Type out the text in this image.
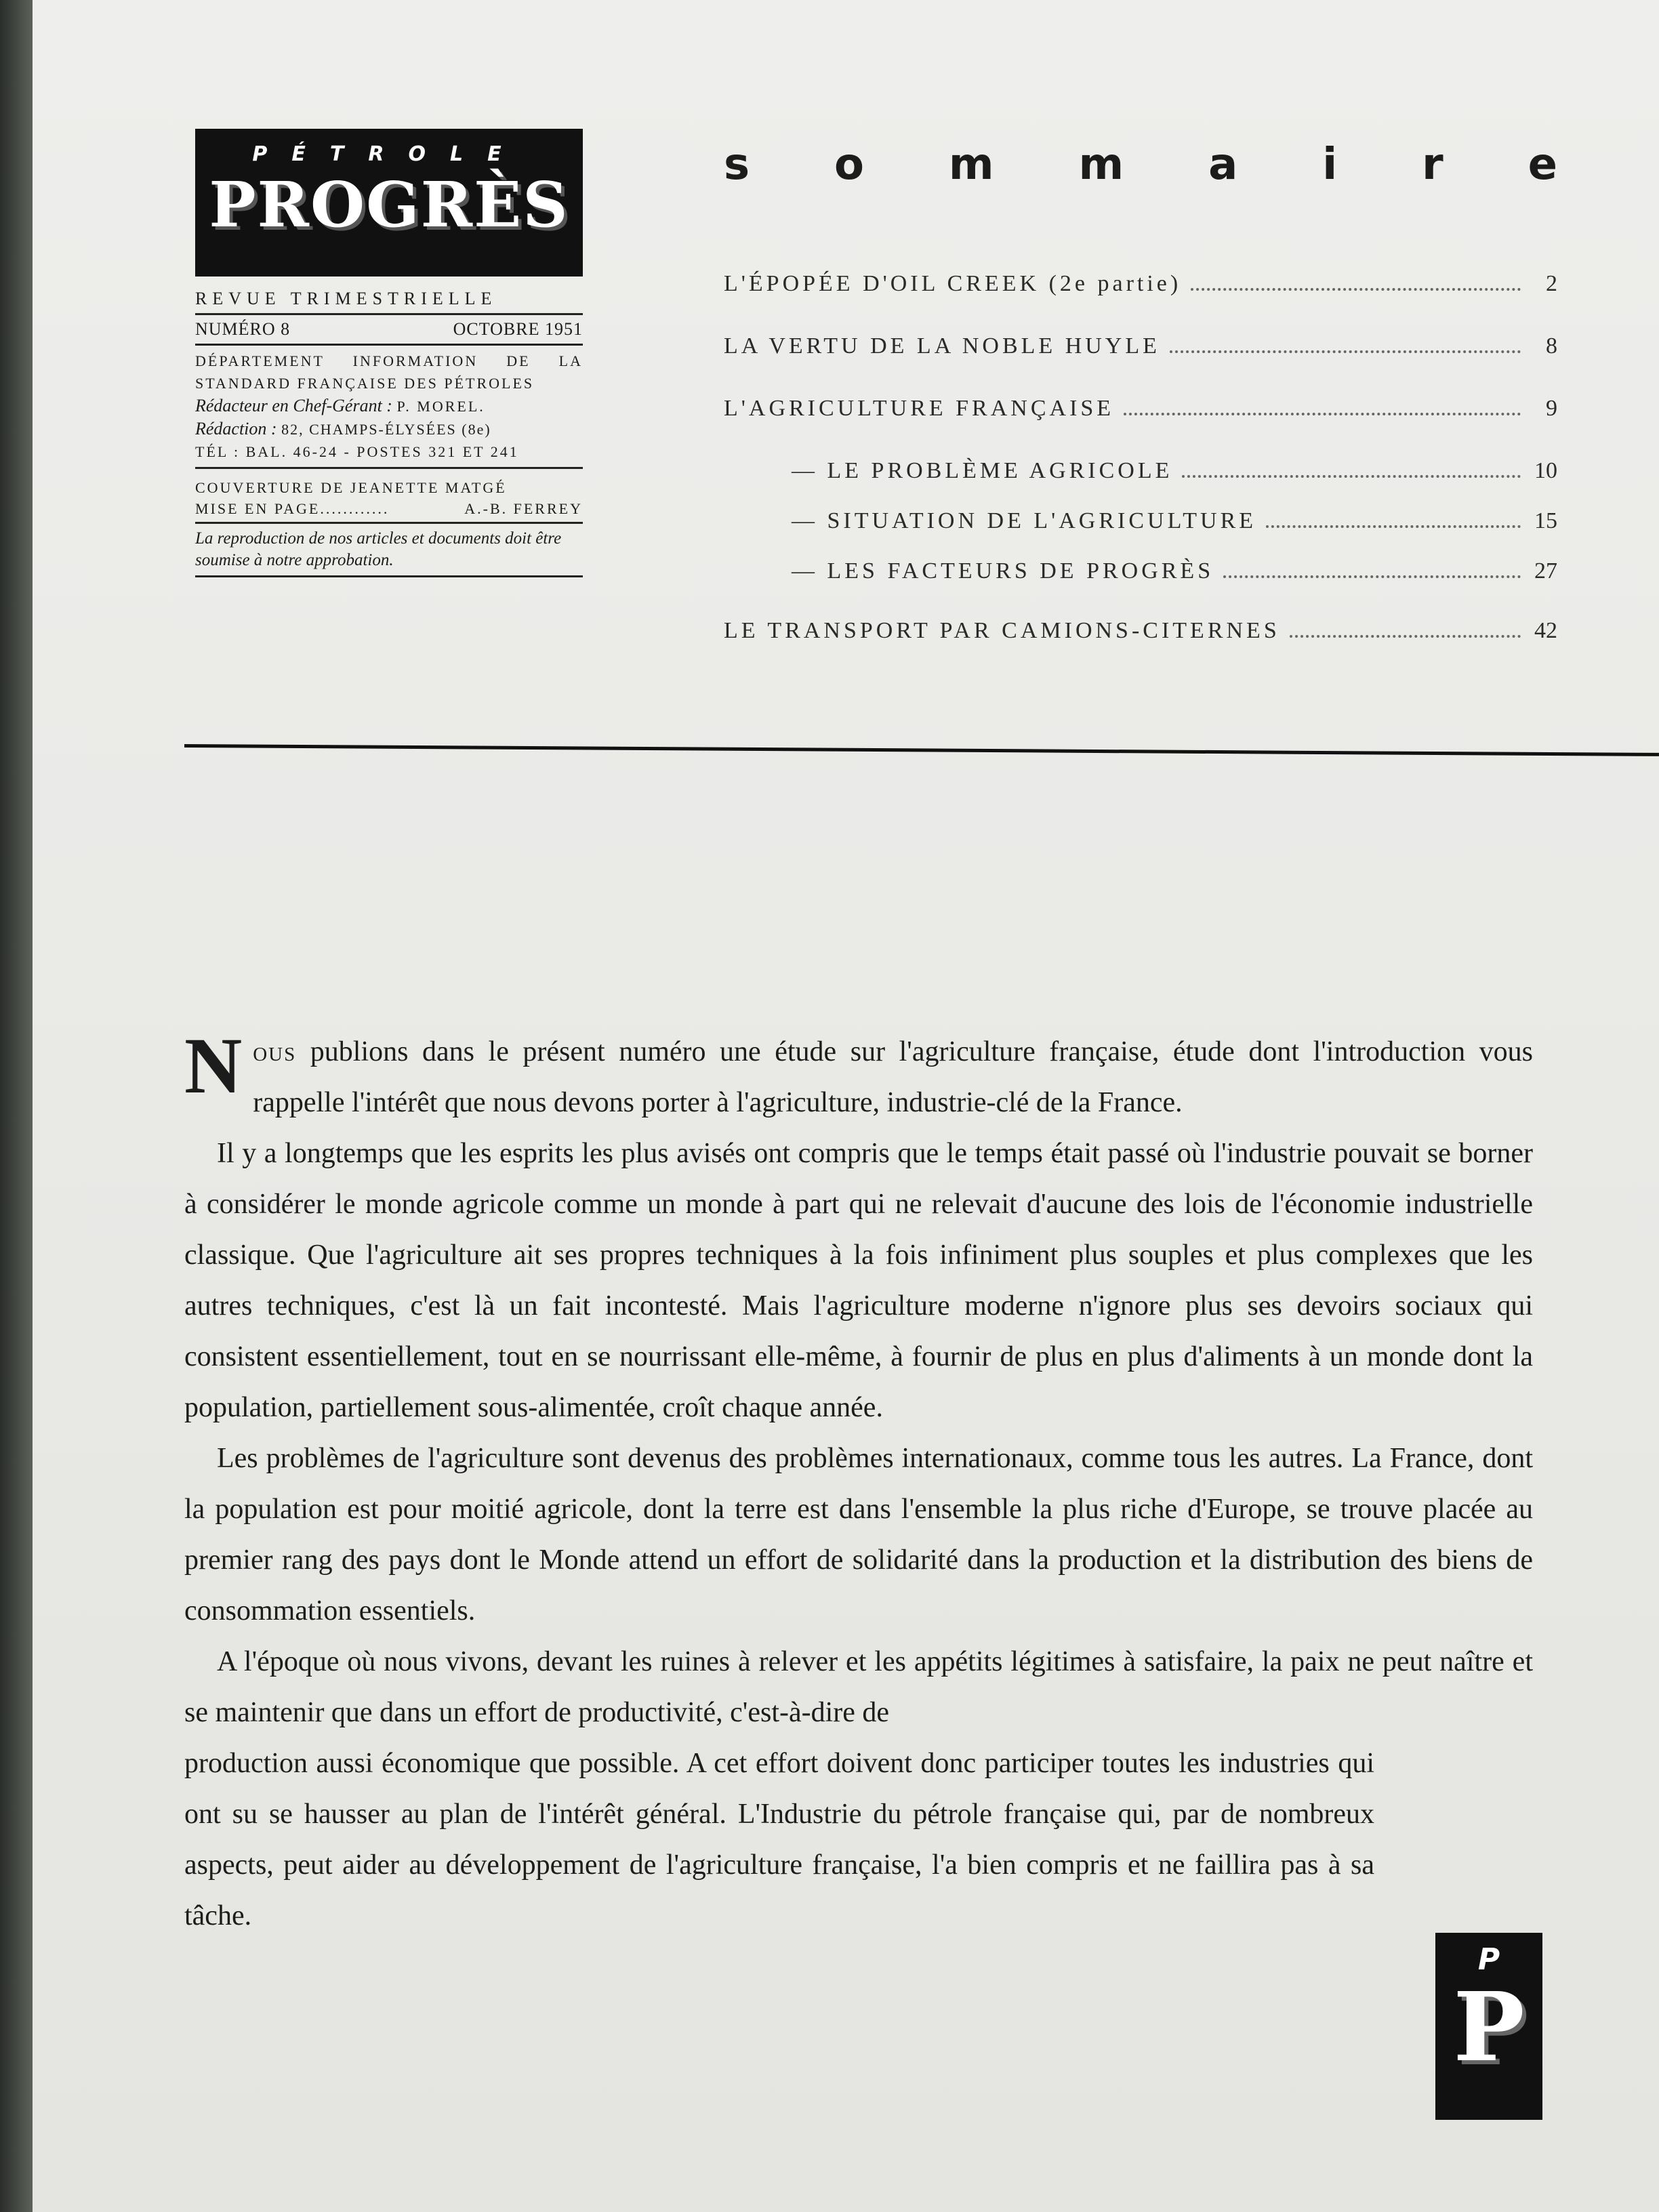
PÉTROLE
PROGRÈS
REVUE TRIMESTRIELLE
NUMÉRO 8	OCTOBRE 1951
DÉPARTEMENT INFORMATION DE LA STANDARD FRANÇAISE DES PÉTROLES
Rédacteur en Chef-Gérant : P. MOREL.
Rédaction : 82, CHAMPS-ÉLYSÉES (8e)
TÉL : BAL. 46-24 - POSTES 321 ET 241
COUVERTURE DE JEANETTE MATGÉ
MISE EN PAGE............	A.-B. FERREY
La reproduction de nos articles et documents doit être soumise à notre approbation.
s o m m a i r e
L'ÉPOPÉE D'OIL CREEK (2e partie)	2
LA VERTU DE LA NOBLE HUYLE	8
L'AGRICULTURE FRANÇAISE	9
— LE PROBLÈME AGRICOLE	10
— SITUATION DE L'AGRICULTURE	15
— LES FACTEURS DE PROGRÈS	27
LE TRANSPORT PAR CAMIONS-CITERNES	42

Nous publions dans le présent numéro une étude sur l'agriculture française, étude dont l'introduction vous rappelle l'intérêt que nous devons porter à l'agriculture, industrie-clé de la France.

Il y a longtemps que les esprits les plus avisés ont compris que le temps était passé où l'industrie pouvait se borner à considérer le monde agricole comme un monde à part qui ne relevait d'aucune des lois de l'économie industrielle classique. Que l'agriculture ait ses propres techniques à la fois infiniment plus souples et plus complexes que les autres techniques, c'est là un fait incontesté. Mais l'agriculture moderne n'ignore plus ses devoirs sociaux qui consistent essentiellement, tout en se nourrissant elle-même, à fournir de plus en plus d'aliments à un monde dont la population, partiellement sous-alimentée, croît chaque année.

Les problèmes de l'agriculture sont devenus des problèmes internationaux, comme tous les autres. La France, dont la population est pour moitié agricole, dont la terre est dans l'ensemble la plus riche d'Europe, se trouve placée au premier rang des pays dont le Monde attend un effort de solidarité dans la production et la distribution des biens de consommation essentiels.

A l'époque où nous vivons, devant les ruines à relever et les appétits légitimes à satisfaire, la paix ne peut naître et se maintenir que dans un effort de productivité, c'est-à-dire de

production aussi économique que possible. A cet effort doivent donc participer toutes les industries qui ont su se hausser au plan de l'intérêt général. L'Industrie du pétrole française qui, par de nombreux aspects, peut aider au développement de l'agriculture française, l'a bien compris et ne faillira pas à sa tâche.

P
P
